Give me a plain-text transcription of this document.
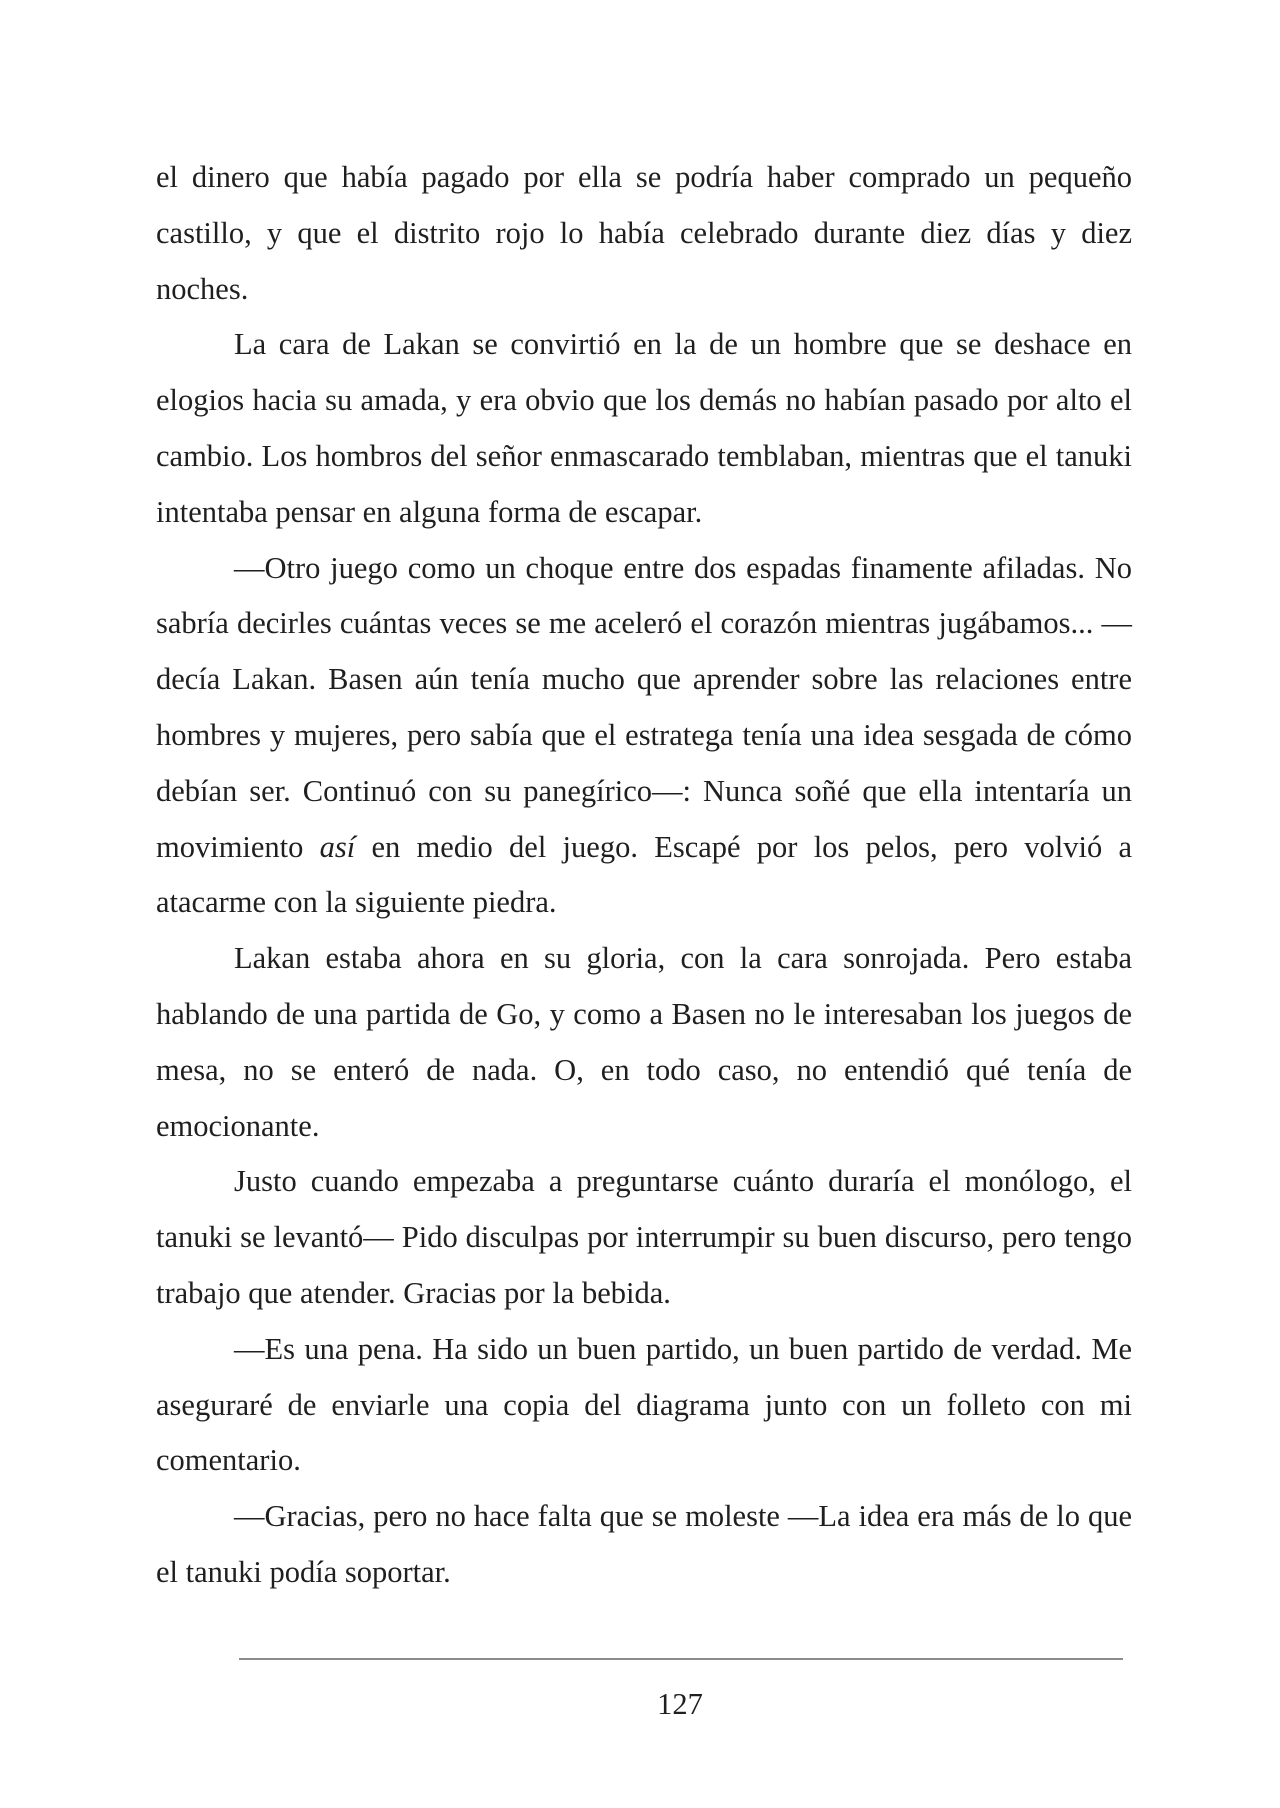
el dinero que había pagado por ella se podría haber comprado un pequeño castillo, y que el distrito rojo lo había celebrado durante diez días y diez noches.

La cara de Lakan se convirtió en la de un hombre que se deshace en elogios hacia su amada, y era obvio que los demás no habían pasado por alto el cambio. Los hombros del señor enmascarado temblaban, mientras que el tanuki intentaba pensar en alguna forma de escapar.

—Otro juego como un choque entre dos espadas finamente afiladas. No sabría decirles cuántas veces se me aceleró el corazón mientras jugábamos... —decía Lakan. Basen aún tenía mucho que aprender sobre las relaciones entre hombres y mujeres, pero sabía que el estratega tenía una idea sesgada de cómo debían ser. Continuó con su panegírico—: Nunca soñé que ella intentaría un movimiento así en medio del juego. Escapé por los pelos, pero volvió a atacarme con la siguiente piedra.

Lakan estaba ahora en su gloria, con la cara sonrojada. Pero estaba hablando de una partida de Go, y como a Basen no le interesaban los juegos de mesa, no se enteró de nada. O, en todo caso, no entendió qué tenía de emocionante.

Justo cuando empezaba a preguntarse cuánto duraría el monólogo, el tanuki se levantó— Pido disculpas por interrumpir su buen discurso, pero tengo trabajo que atender. Gracias por la bebida.

—Es una pena. Ha sido un buen partido, un buen partido de verdad. Me aseguraré de enviarle una copia del diagrama junto con un folleto con mi comentario.

—Gracias, pero no hace falta que se moleste —La idea era más de lo que el tanuki podía soportar.

127
